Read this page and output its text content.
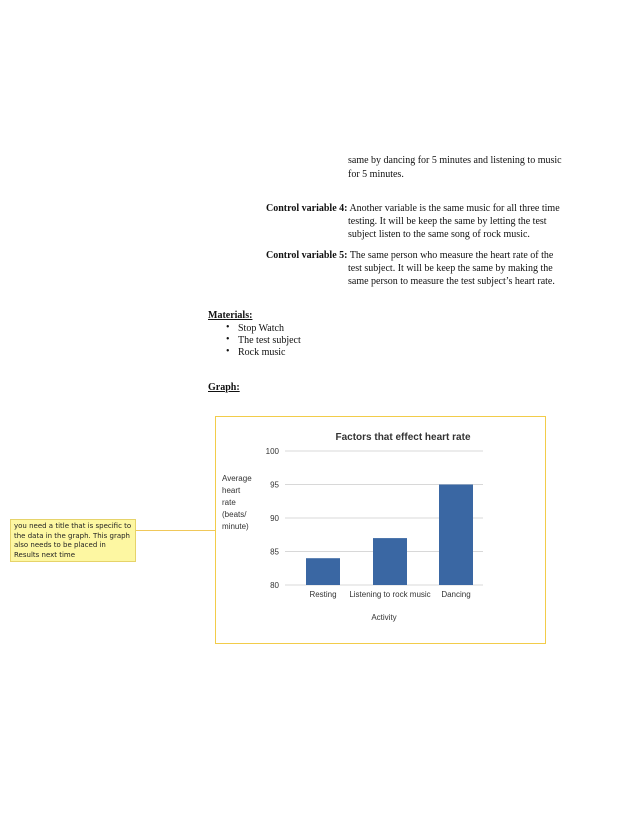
same by dancing for 5 minutes and listening to music
for 5 minutes.
Control variable 4: Another variable is the same music for all three time
testing. It will be keep the same by letting the test
subject listen to the same song of rock music.
Control variable 5: The same person who measure the heart rate of the
test subject. It will be keep the same by making the
same person to measure the test subject’s heart rate.
Materials:
• Stop Watch
• The test subject
• Rock music
Graph:
Factors that effect heart rate
80
85
90
95
100
Average
heart
rate
(beats/
minute)
Resting Listening to rock music Dancing
Activity
you need a title that is specific to the data in the graph. This graph also needs to be placed in Results next time
